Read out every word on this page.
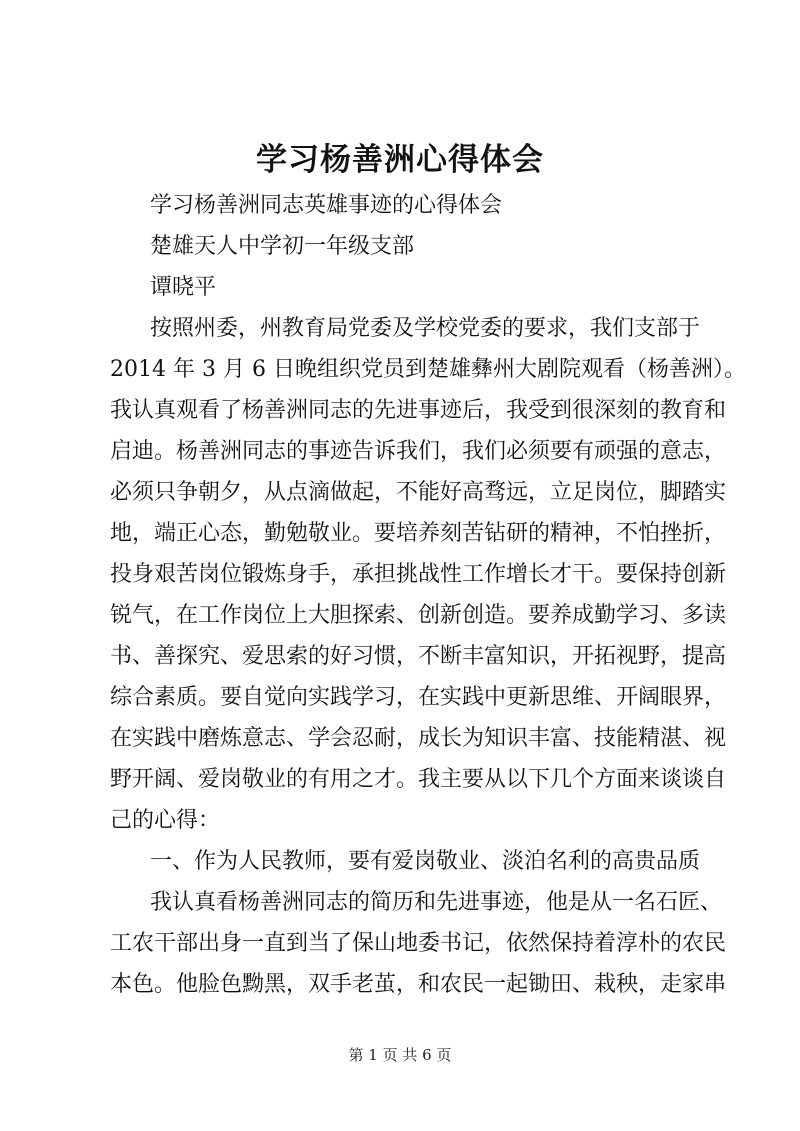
学习杨善洲心得体会
学习杨善洲同志英雄事迹的心得体会
楚雄天人中学初一年级支部
谭晓平
按照州委，州教育局党委及学校党委的要求，我们支部于
2014 年 3 月 6 日晚组织党员到楚雄彝州大剧院观看（杨善洲）。
我认真观看了杨善洲同志的先进事迹后，我受到很深刻的教育和
启迪。杨善洲同志的事迹告诉我们，我们必须要有顽强的意志，
必须只争朝夕，从点滴做起，不能好高骛远，立足岗位，脚踏实
地，端正心态，勤勉敬业。要培养刻苦钻研的精神，不怕挫折，
投身艰苦岗位锻炼身手，承担挑战性工作增长才干。要保持创新
锐气，在工作岗位上大胆探索、创新创造。要养成勤学习、多读
书、善探究、爱思索的好习惯，不断丰富知识，开拓视野，提高
综合素质。要自觉向实践学习，在实践中更新思维、开阔眼界，
在实践中磨炼意志、学会忍耐，成长为知识丰富、技能精湛、视
野开阔、爱岗敬业的有用之才。我主要从以下几个方面来谈谈自
己的心得：
一、作为人民教师，要有爱岗敬业、淡泊名利的高贵品质
我认真看杨善洲同志的简历和先进事迹，他是从一名石匠、
工农干部出身一直到当了保山地委书记，依然保持着淳朴的农民
本色。他脸色黝黑，双手老茧，和农民一起锄田、栽秧，走家串
第 1 页 共 6 页
